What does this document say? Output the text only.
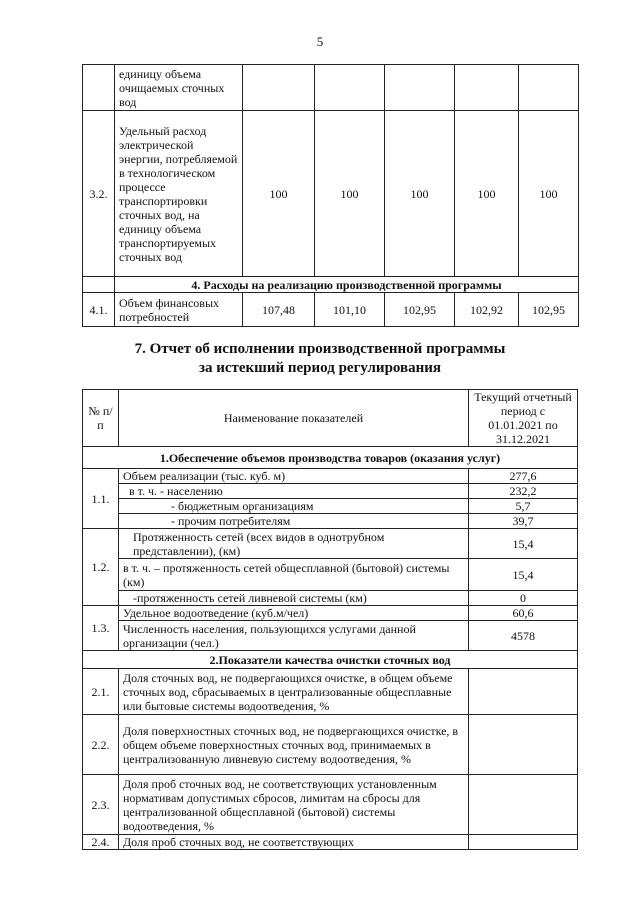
5
	единицу объема очищаемых сточных вод					
3.2.	Удельный расход электрической энергии, потребляемой в технологическом процессе транспортировки сточных вод, на единицу объема транспортируемых сточных вод	100	100	100	100	100
	4. Расходы на реализацию производственной программы					
4.1.	Объем финансовых потребностей	107,48	101,10	102,95	102,92	102,95
7. Отчет об исполнении производственной программы
за истекший период регулирования
№ п/п	Наименование показателей	Текущий отчетный период с 01.01.2021 по 31.12.2021
1.Обеспечение объемов производства товаров (оказания услуг)		
1.1.	Объем реализации (тыс. куб. м)	277,6
	в т. ч. - населению	232,2
	- бюджетным организациям	5,7
	- прочим потребителям	39,7
1.2.	Протяженность сетей (всех видов в однотрубном представлении), (км)	15,4
	в т. ч. – протяженность сетей общесплавной (бытовой) системы (км)	15,4
	-протяженность сетей ливневой системы (км)	0
1.3.	Удельное водоотведение (куб.м/чел)	60,6
	Численность населения, пользующихся услугами данной организации (чел.)	4578
2.Показатели качества очистки сточных вод		
2.1.	Доля сточных вод, не подвергающихся очистке, в общем объеме сточных вод, сбрасываемых в централизованные общесплавные или бытовые системы водоотведения, %	
2.2.	Доля поверхностных сточных вод, не подвергающихся очистке, в общем объеме поверхностных сточных вод, принимаемых в централизованную ливневую систему водоотведения, %	
2.3.	Доля проб сточных вод, не соответствующих установленным нормативам допустимых сбросов, лимитам на сбросы для централизованной общесплавной (бытовой) системы водоотведения, %	
2.4.	Доля проб сточных вод, не соответствующих	
